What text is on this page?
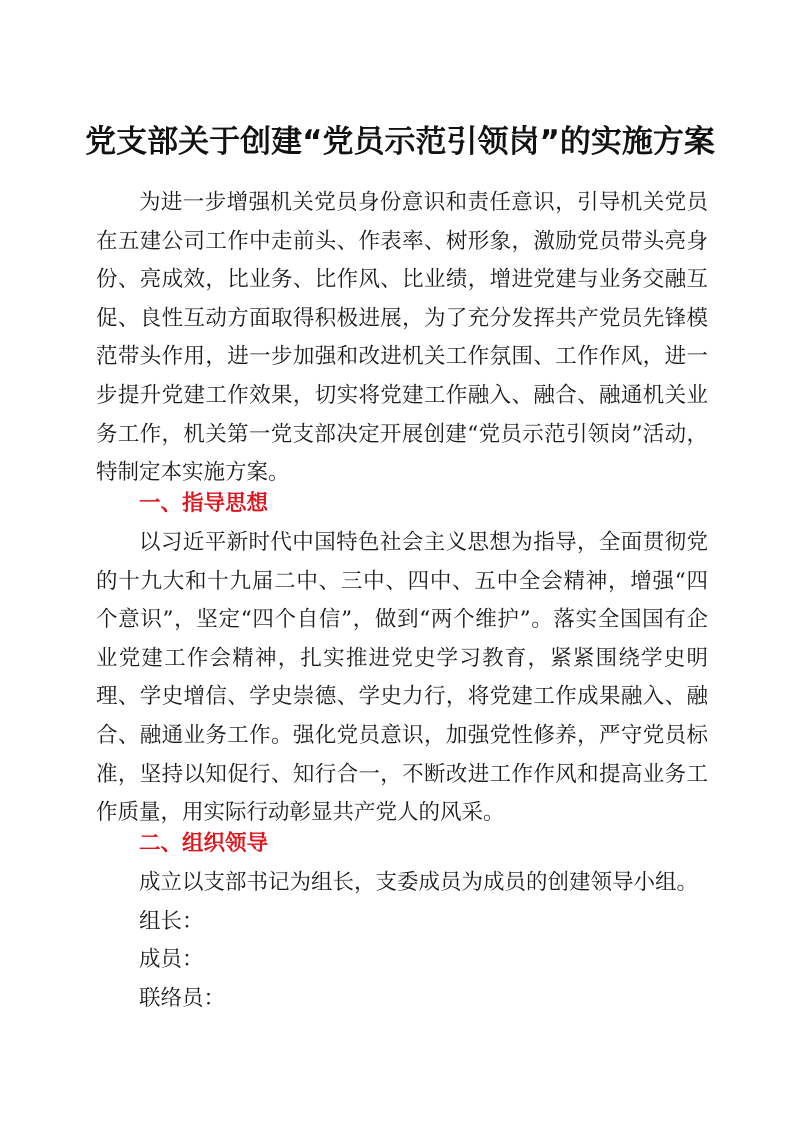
党支部关于创建“党员示范引领岗”的实施方案
为进一步增强机关党员身份意识和责任意识，引导机关党员在五建公司工作中走前头、作表率、树形象，激励党员带头亮身份、亮成效，比业务、比作风、比业绩，增进党建与业务交融互促、良性互动方面取得积极进展，为了充分发挥共产党员先锋模范带头作用，进一步加强和改进机关工作氛围、工作作风，进一步提升党建工作效果，切实将党建工作融入、融合、融通机关业务工作，机关第一党支部决定开展创建“党员示范引领岗”活动，特制定本实施方案。
一、指导思想
以习近平新时代中国特色社会主义思想为指导，全面贯彻党的十九大和十九届二中、三中、四中、五中全会精神，增强“四个意识”，坚定“四个自信”，做到“两个维护”。落实全国国有企业党建工作会精神，扎实推进党史学习教育，紧紧围绕学史明理、学史增信、学史崇德、学史力行，将党建工作成果融入、融合、融通业务工作。强化党员意识，加强党性修养，严守党员标准，坚持以知促行、知行合一，不断改进工作作风和提高业务工作质量，用实际行动彰显共产党人的风采。
二、组织领导
成立以支部书记为组长，支委成员为成员的创建领导小组。
组长：
成员：
联络员：
